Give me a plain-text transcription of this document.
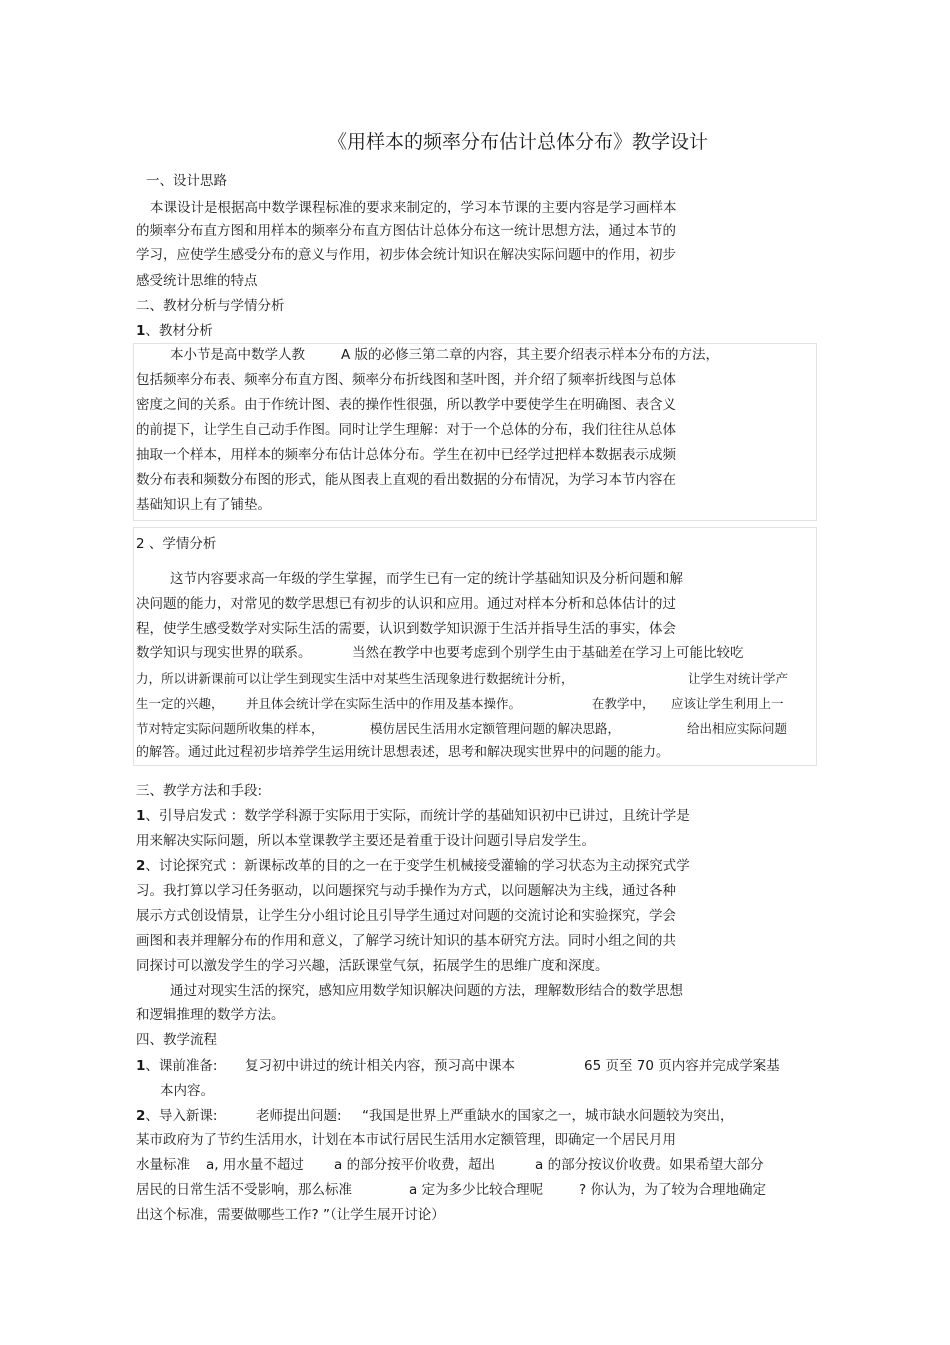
《用样本的频率分布估计总体分布》教学设计
一、设计思路
本课设计是根据高中数学课程标准的要求来制定的，学习本节课的主要内容是学习画样本
的频率分布直方图和用样本的频率分布直方图估计总体分布这一统计思想方法，通过本节的
学习，应使学生感受分布的意义与作用，初步体会统计知识在解决实际问题中的作用，初步
感受统计思维的特点
二、教材分析与学情分析
1、教材分析
本小节是高中数学人教	A 版的必修三第二章的内容，其主要介绍表示样本分布的方法，
包括频率分布表、频率分布直方图、频率分布折线图和茎叶图，并介绍了频率折线图与总体
密度之间的关系。由于作统计图、表的操作性很强，所以教学中要使学生在明确图、表含义
的前提下，让学生自己动手作图。同时让学生理解：对于一个总体的分布，我们往往从总体
抽取一个样本，用样本的频率分布估计总体分布。学生在初中已经学过把样本数据表示成频
数分布表和频数分布图的形式，能从图表上直观的看出数据的分布情况，为学习本节内容在
基础知识上有了铺垫。
2 、学情分析
这节内容要求高一年级的学生掌握，而学生已有一定的统计学基础知识及分析问题和解
决问题的能力，对常见的数学思想已有初步的认识和应用。通过对样本分析和总体估计的过
程，使学生感受数学对实际生活的需要，认识到数学知识源于生活并指导生活的事实，体会
数学知识与现实世界的联系。	当然在教学中也要考虑到个别学生由于基础差在学习上可能比较吃
力，所以讲新课前可以让学生到现实生活中对某些生活现象进行数据统计分析，	让学生对统计学产
生一定的兴趣， 并且体会统计学在实际生活中的作用及基本操作。	在教学中， 应该让学生利用上一
节对特定实际问题所收集的样本，	模仿居民生活用水定额管理问题的解决思路，	给出相应实际问题
的解答。通过此过程初步培养学生运用统计思想表述，思考和解决现实世界中的问题的能力。
三、教学方法和手段:
1、引导启发式 ：数学学科源于实际用于实际，而统计学的基础知识初中已讲过，且统计学是
用来解决实际问题，所以本堂课教学主要还是着重于设计问题引导启发学生。
2、讨论探究式 ：新课标改革的目的之一在于变学生机械接受灌输的学习状态为主动探究式学
习。我打算以学习任务驱动，以问题探究与动手操作为方式，以问题解决为主线，通过各种
展示方式创设情景，让学生分小组讨论且引导学生通过对问题的交流讨论和实验探究，学会
画图和表并理解分布的作用和意义，了解学习统计知识的基本研究方法。同时小组之间的共
同探讨可以激发学生的学习兴趣，活跃课堂气氛，拓展学生的思维广度和深度。
通过对现实生活的探究，感知应用数学知识解决问题的方法，理解数形结合的数学思想
和逻辑推理的数学方法。
四、教学流程
1、课前准备: 复习初中讲过的统计相关内容，预习高中课本	65 页至 70 页内容并完成学案基
本内容。
2、导入新课:	老师提出问题: “我国是世界上严重缺水的国家之一，城市缺水问题较为突出，
某市政府为了节约生活用水，计划在本市试行居民生活用水定额管理，即确定一个居民月用
水量标准 a, 用水量不超过 a 的部分按平价收费，超出	a 的部分按议价收费。如果希望大部分
居民的日常生活不受影响，那么标准	a 定为多少比较合理呢	? 你认为，为了较为合理地确定
出这个标准，需要做哪些工作? ”（让学生展开讨论）
